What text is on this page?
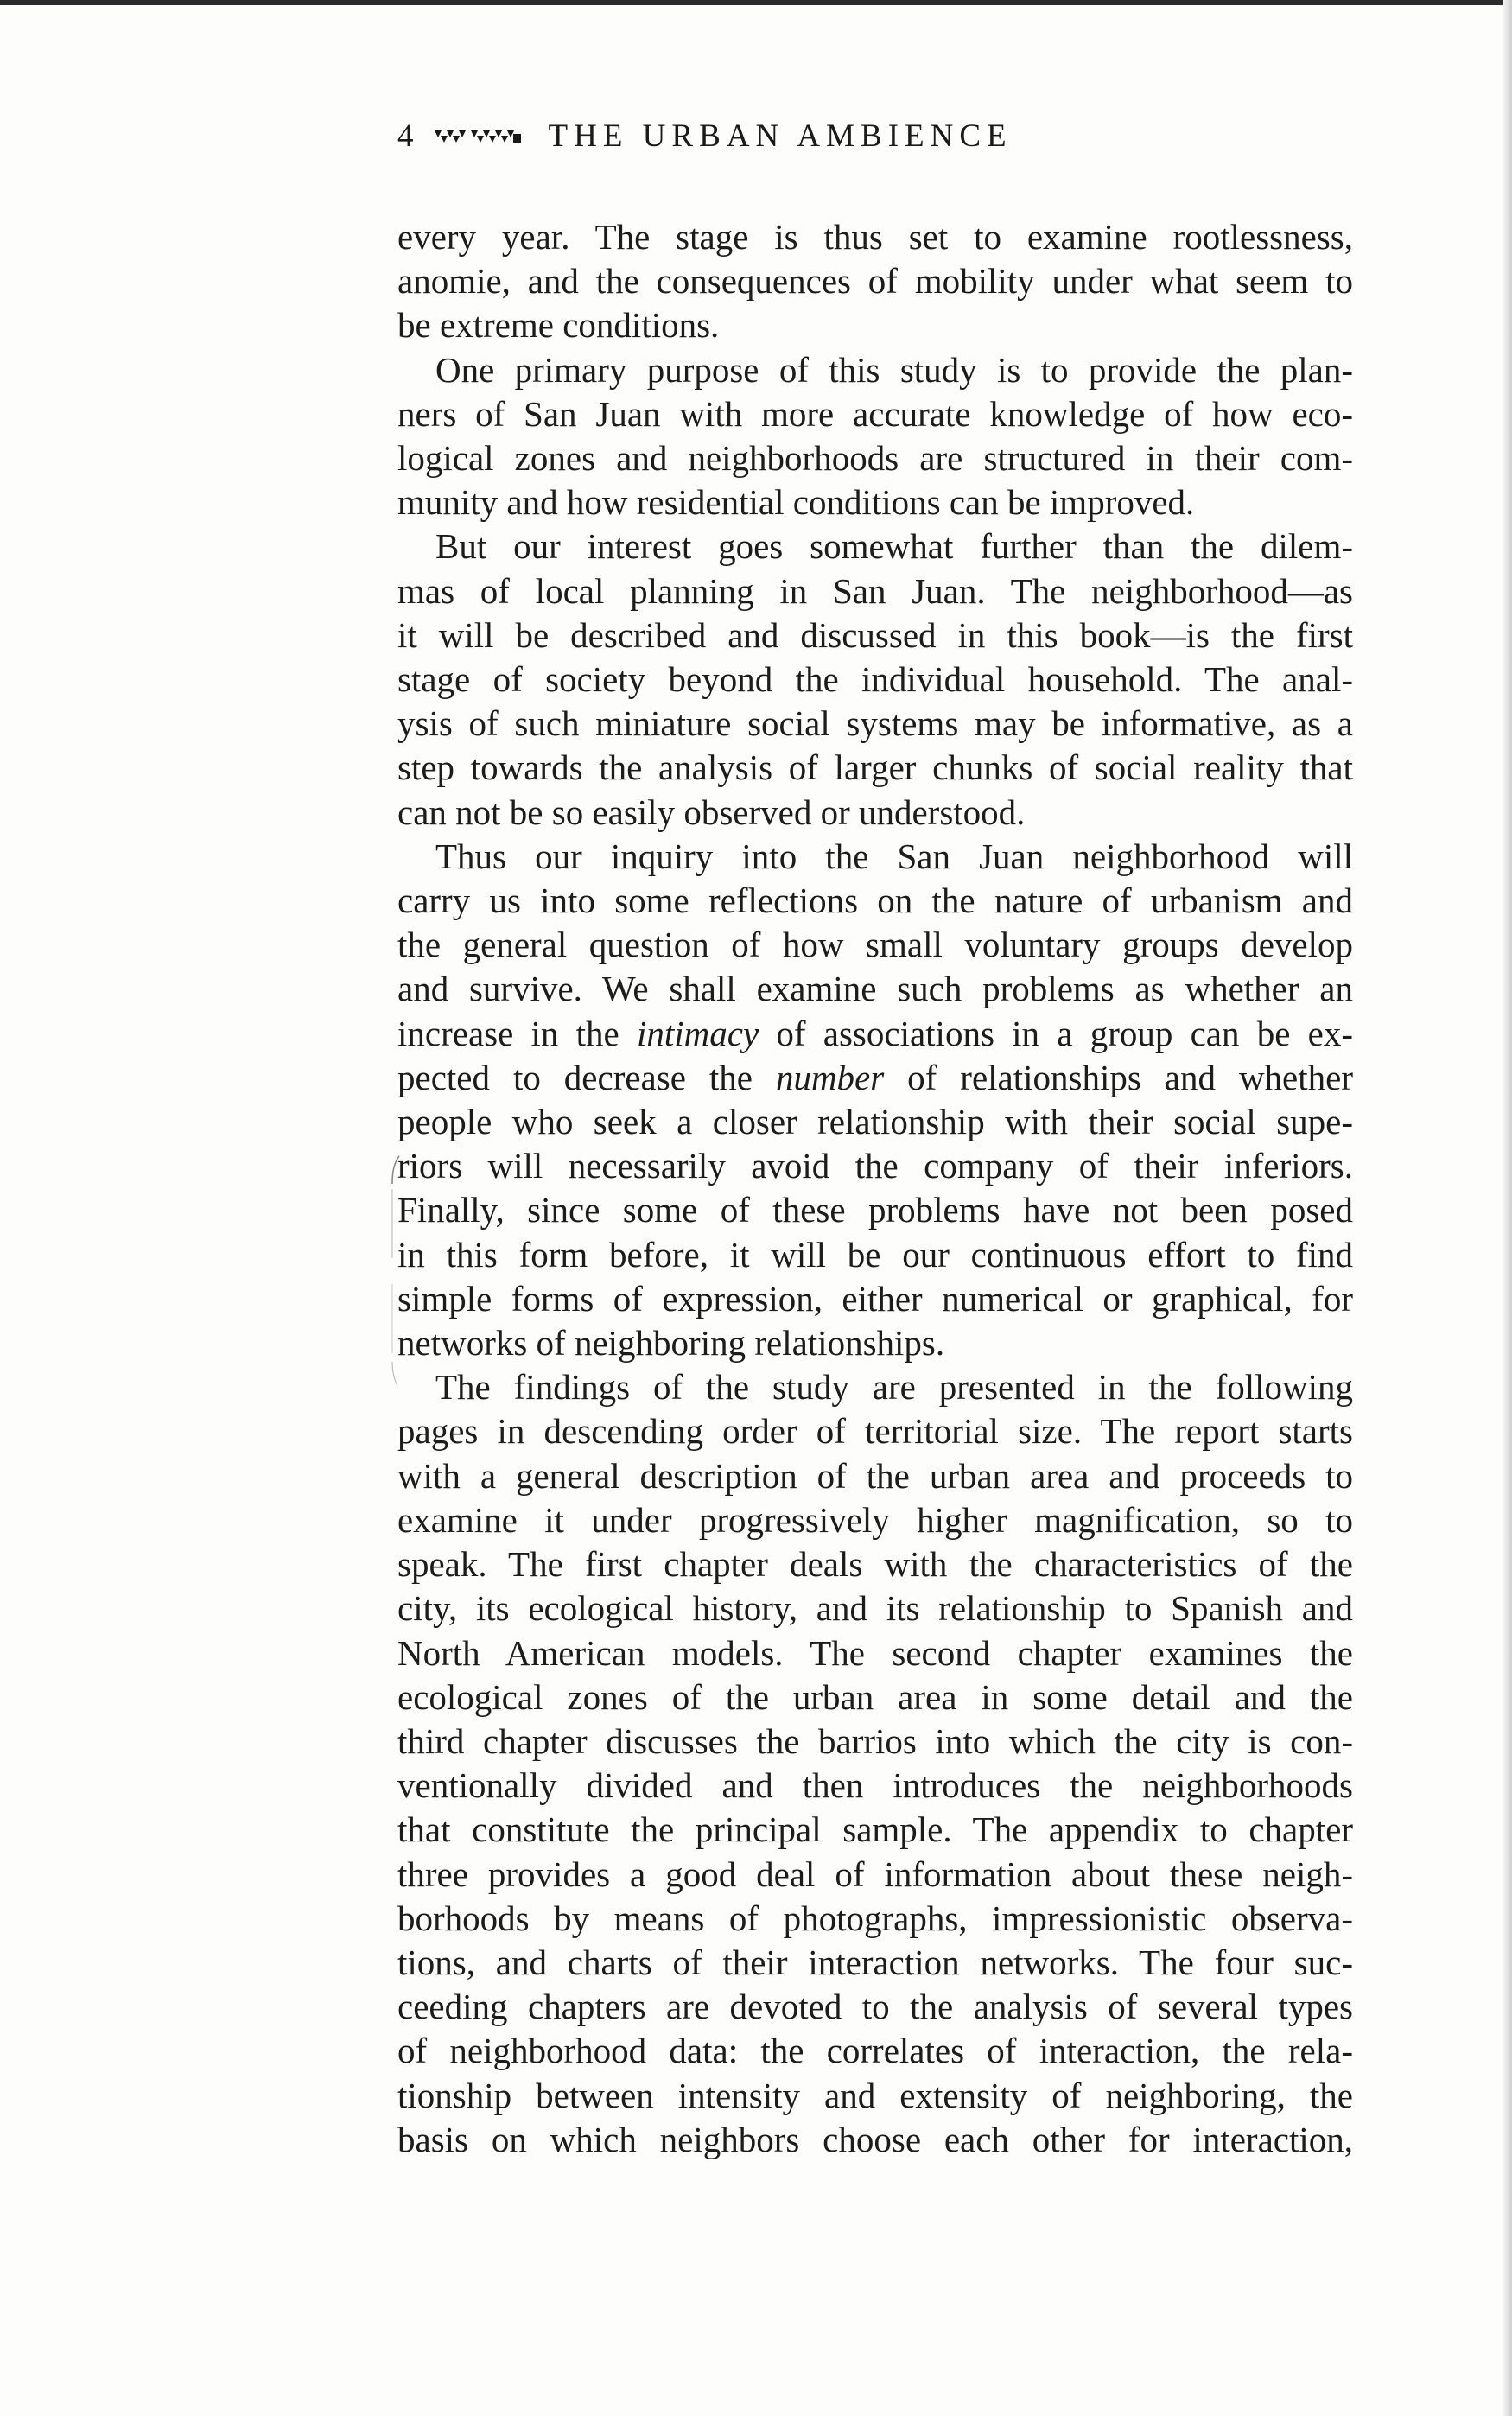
4	THE URBAN AMBIENCE

every year. The stage is thus set to examine rootlessness,
anomie, and the consequences of mobility under what seem to
be extreme conditions.

One primary purpose of this study is to provide the plan-
ners of San Juan with more accurate knowledge of how eco-
logical zones and neighborhoods are structured in their com-
munity and how residential conditions can be improved.

But our interest goes somewhat further than the dilem-
mas of local planning in San Juan. The neighborhood—as
it will be described and discussed in this book—is the first
stage of society beyond the individual household. The anal-
ysis of such miniature social systems may be informative, as a
step towards the analysis of larger chunks of social reality that
can not be so easily observed or understood.

Thus our inquiry into the San Juan neighborhood will
carry us into some reflections on the nature of urbanism and
the general question of how small voluntary groups develop
and survive. We shall examine such problems as whether an
increase in the intimacy of associations in a group can be ex-
pected to decrease the number of relationships and whether
people who seek a closer relationship with their social supe-
riors will necessarily avoid the company of their inferiors.
Finally, since some of these problems have not been posed
in this form before, it will be our continuous effort to find
simple forms of expression, either numerical or graphical, for
networks of neighboring relationships.

The findings of the study are presented in the following
pages in descending order of territorial size. The report starts
with a general description of the urban area and proceeds to
examine it under progressively higher magnification, so to
speak. The first chapter deals with the characteristics of the
city, its ecological history, and its relationship to Spanish and
North American models. The second chapter examines the
ecological zones of the urban area in some detail and the
third chapter discusses the barrios into which the city is con-
ventionally divided and then introduces the neighborhoods
that constitute the principal sample. The appendix to chapter
three provides a good deal of information about these neigh-
borhoods by means of photographs, impressionistic observa-
tions, and charts of their interaction networks. The four suc-
ceeding chapters are devoted to the analysis of several types
of neighborhood data: the correlates of interaction, the rela-
tionship between intensity and extensity of neighboring, the
basis on which neighbors choose each other for interaction,
